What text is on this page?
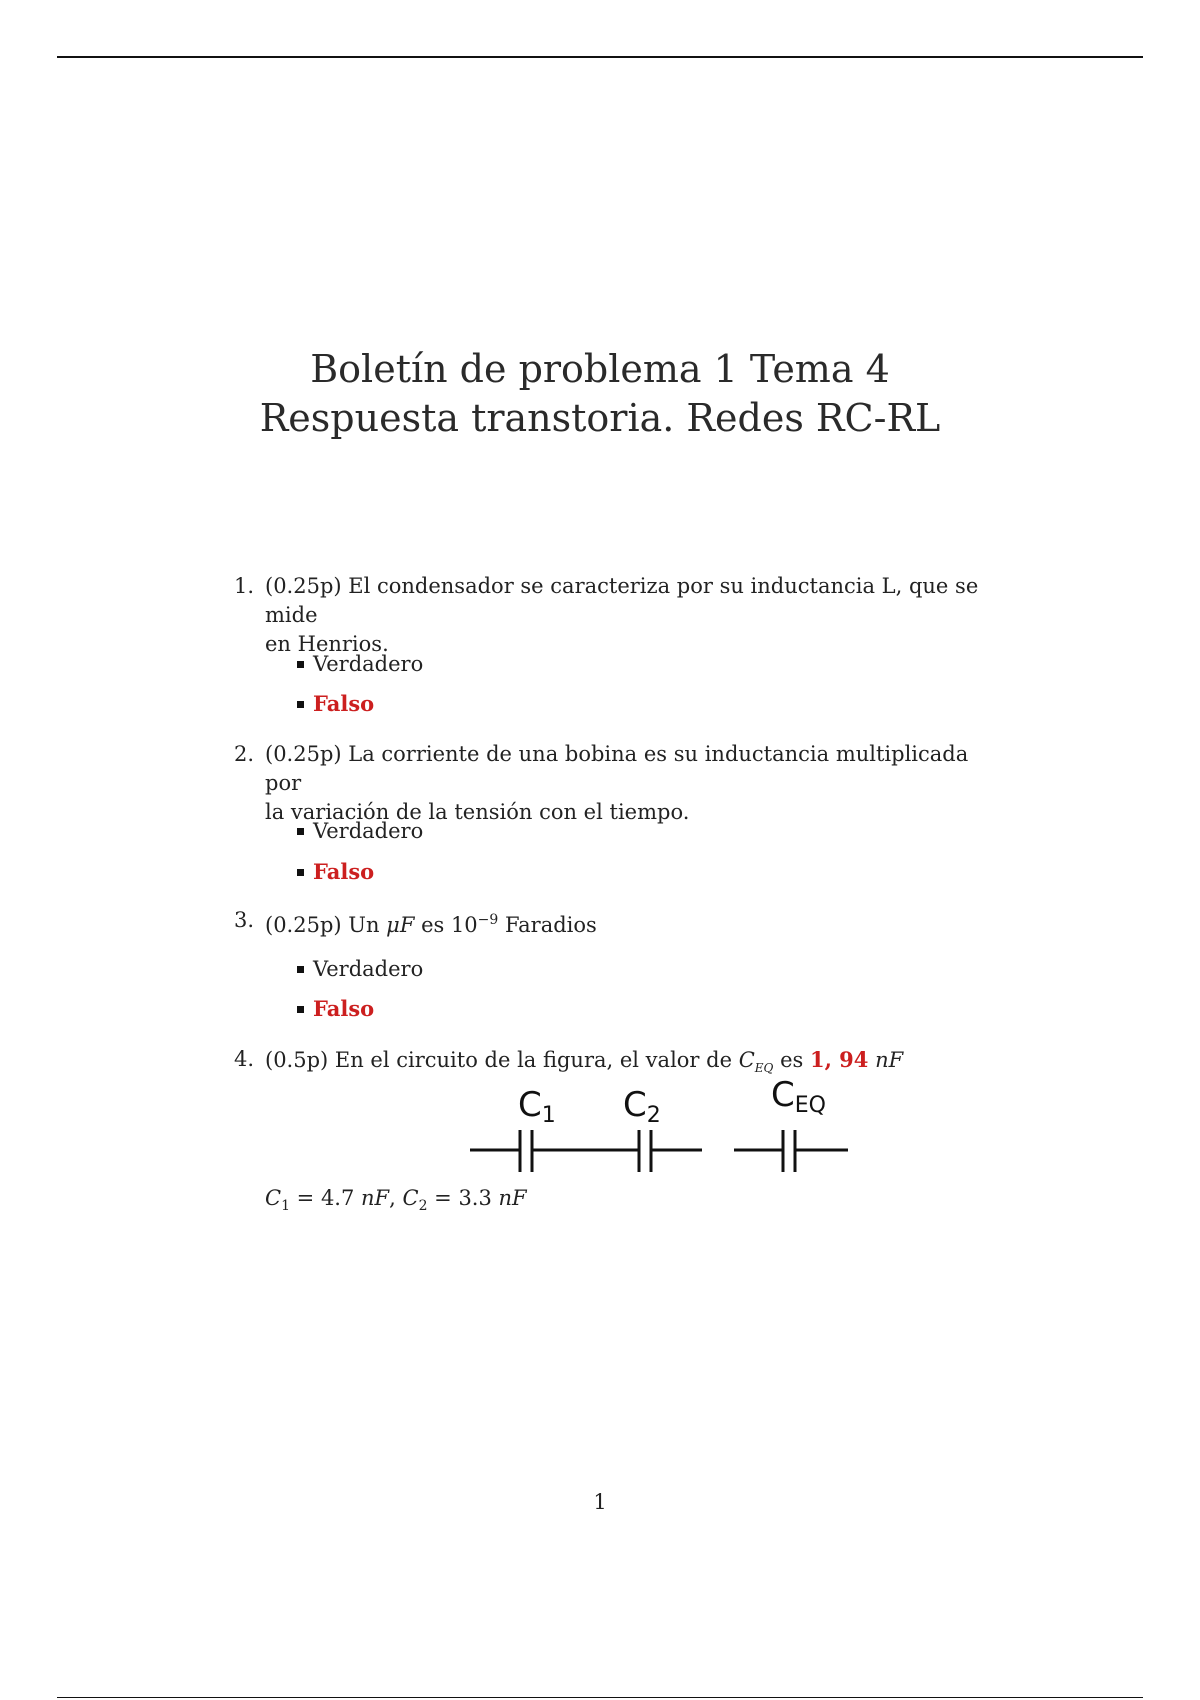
Boletín de problema 1 Tema 4
Respuesta transtoria. Redes RC-RL
1. (0.25p) El condensador se caracteriza por su inductancia L, que se mide
en Henrios.
Verdadero
Falso
2. (0.25p) La corriente de una bobina es su inductancia multiplicada por
la variación de la tensión con el tiempo.
Verdadero
Falso
3. (0.25p) Un μF es $10^{-9}$ Faradios
Verdadero
Falso
4. (0.5p) En el circuito de la figura, el valor de $C_{EQ}$ es 1, 94 nF
C1 C2
CEQ
$C_1 = 4.7$ nF, $C_2 = 3.3$ nF
1
